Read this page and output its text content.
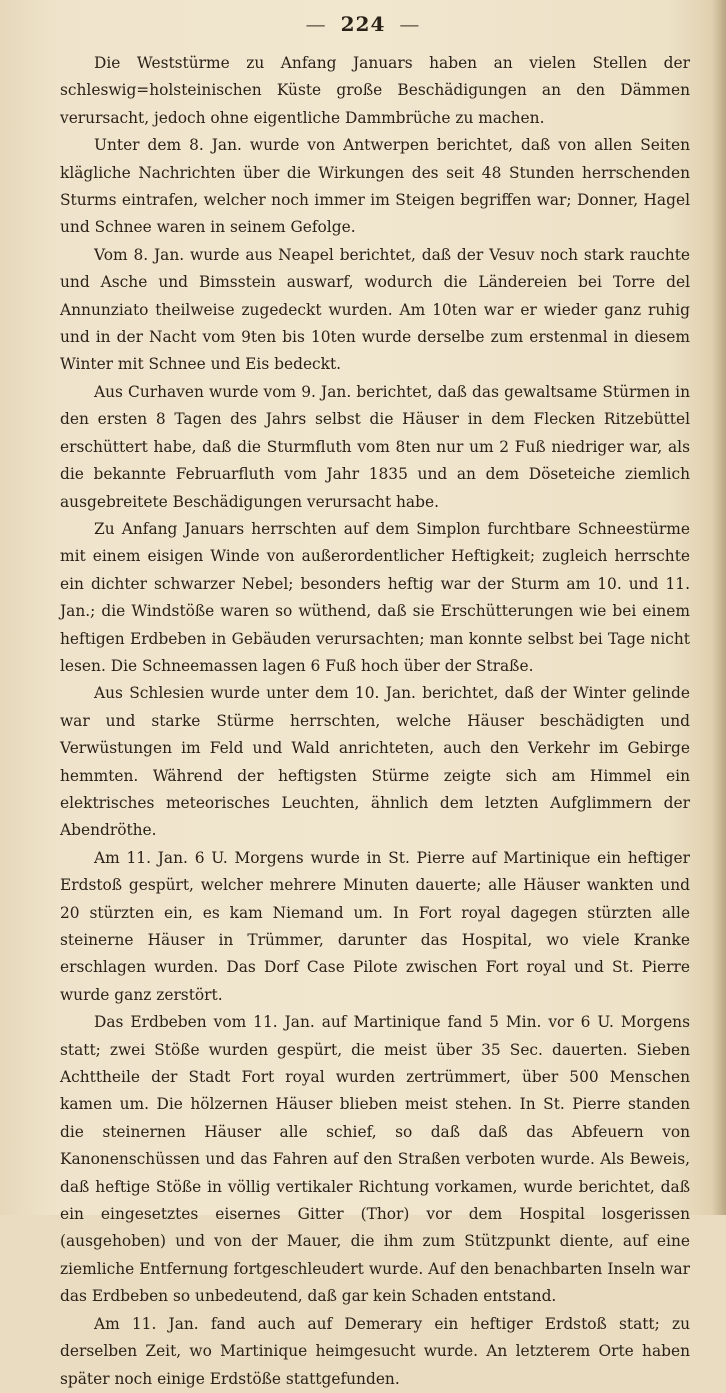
— 224 —

Die Weststürme zu Anfang Januars haben an vielen Stellen der schleswig=holsteinischen Küste große Beschädigungen an den Dämmen verursacht, jedoch ohne eigentliche Dammbrüche zu machen.

Unter dem 8. Jan. wurde von Antwerpen berichtet, daß von allen Seiten klägliche Nachrichten über die Wirkungen des seit 48 Stunden herrschenden Sturms eintrafen, welcher noch immer im Steigen begriffen war; Donner, Hagel und Schnee waren in seinem Gefolge.

Vom 8. Jan. wurde aus Neapel berichtet, daß der Vesuv noch stark rauchte und Asche und Bimsstein auswarf, wodurch die Ländereien bei Torre del Annunziato theilweise zugedeckt wurden. Am 10ten war er wieder ganz ruhig und in der Nacht vom 9ten bis 10ten wurde derselbe zum erstenmal in diesem Winter mit Schnee und Eis bedeckt.

Aus Curhaven wurde vom 9. Jan. berichtet, daß das gewaltsame Stürmen in den ersten 8 Tagen des Jahrs selbst die Häuser in dem Flecken Ritzebüttel erschüttert habe, daß die Sturmfluth vom 8ten nur um 2 Fuß niedriger war, als die bekannte Februarfluth vom Jahr 1835 und an dem Döseteiche ziemlich ausgebreitete Beschädigungen verursacht habe.

Zu Anfang Januars herrschten auf dem Simplon furchtbare Schneestürme mit einem eisigen Winde von außerordentlicher Heftigkeit; zugleich herrschte ein dichter schwarzer Nebel; besonders heftig war der Sturm am 10. und 11. Jan.; die Windstöße waren so wüthend, daß sie Erschütterungen wie bei einem heftigen Erdbeben in Gebäuden verursachten; man konnte selbst bei Tage nicht lesen. Die Schneemassen lagen 6 Fuß hoch über der Straße.

Aus Schlesien wurde unter dem 10. Jan. berichtet, daß der Winter gelinde war und starke Stürme herrschten, welche Häuser beschädigten und Verwüstungen im Feld und Wald anrichteten, auch den Verkehr im Gebirge hemmten. Während der heftigsten Stürme zeigte sich am Himmel ein elektrisches meteorisches Leuchten, ähnlich dem letzten Aufglimmern der Abendröthe.

Am 11. Jan. 6 U. Morgens wurde in St. Pierre auf Martinique ein heftiger Erdstoß gespürt, welcher mehrere Minuten dauerte; alle Häuser wankten und 20 stürzten ein, es kam Niemand um. In Fort royal dagegen stürzten alle steinerne Häuser in Trümmer, darunter das Hospital, wo viele Kranke erschlagen wurden. Das Dorf Case Pilote zwischen Fort royal und St. Pierre wurde ganz zerstört.

Das Erdbeben vom 11. Jan. auf Martinique fand 5 Min. vor 6 U. Morgens statt; zwei Stöße wurden gespürt, die meist über 35 Sec. dauerten. Sieben Achttheile der Stadt Fort royal wurden zertrümmert, über 500 Menschen kamen um. Die hölzernen Häuser blieben meist stehen. In St. Pierre standen die steinernen Häuser alle schief, so daß daß das Abfeuern von Kanonenschüssen und das Fahren auf den Straßen verboten wurde. Als Beweis, daß heftige Stöße in völlig vertikaler Richtung vorkamen, wurde berichtet, daß ein eingesetztes eisernes Gitter (Thor) vor dem Hospital losgerissen (ausgehoben) und von der Mauer, die ihm zum Stützpunkt diente, auf eine ziemliche Entfernung fortgeschleudert wurde. Auf den benachbarten Inseln war das Erdbeben so unbedeutend, daß gar kein Schaden entstand.

Am 11. Jan. fand auch auf Demerary ein heftiger Erdstoß statt; zu derselben Zeit, wo Martinique heimgesucht wurde. An letzterem Orte haben später noch einige Erdstöße stattgefunden.
